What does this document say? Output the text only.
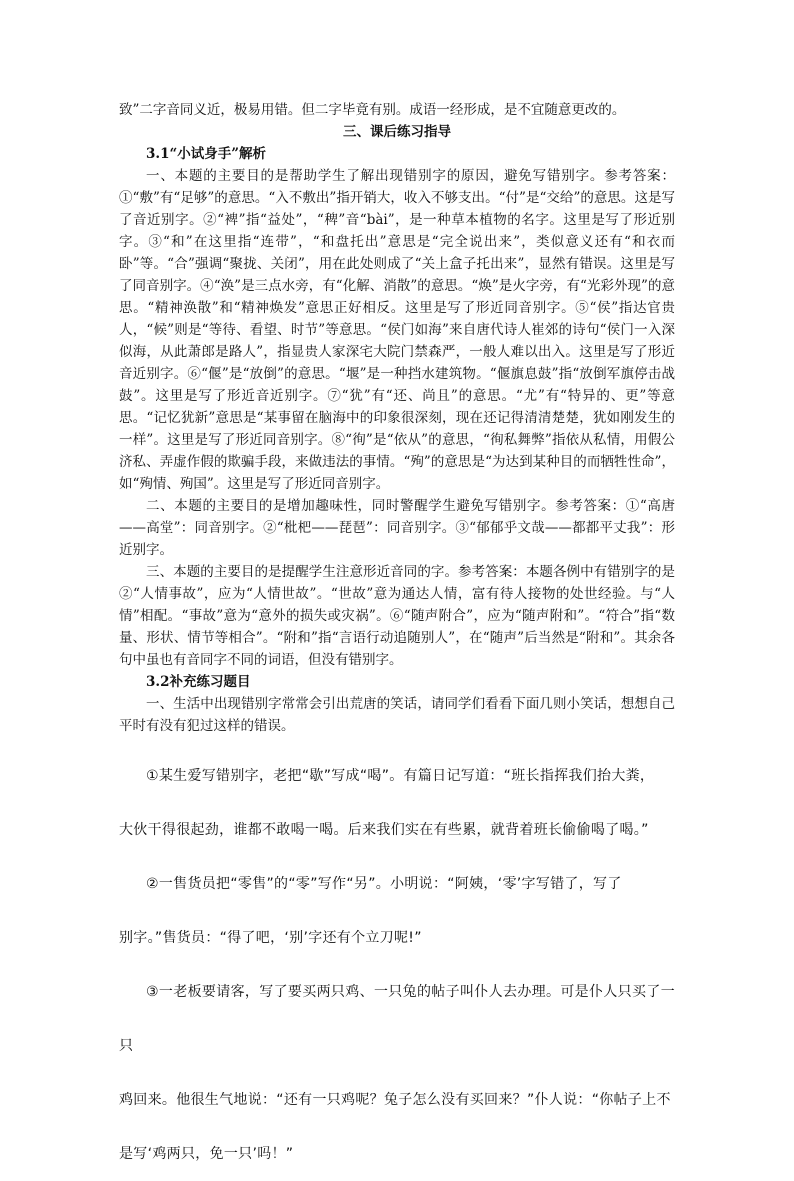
致”二字音同义近，极易用错。但二字毕竟有别。成语一经形成，是不宜随意更改的。

三、课后练习指导

3.1“小试身手”解析

一、本题的主要目的是帮助学生了解出现错别字的原因，避免写错别字。参考答案：①“敷”有“足够”的意思。“入不敷出”指开销大，收入不够支出。“付”是“交给”的意思。这是写了音近别字。②“裨”指“益处”，“稗”音“bài”，是一种草本植物的名字。这里是写了形近别字。③“和”在这里指“连带”，“和盘托出”意思是“完全说出来”，类似意义还有“和衣而卧”等。“合”强调“聚拢、关闭”，用在此处则成了“关上盒子托出来”，显然有错误。这里是写了同音别字。④“涣”是三点水旁，有“化解、消散”的意思。“焕”是火字旁，有“光彩外现”的意思。“精神涣散”和“精神焕发”意思正好相反。这里是写了形近同音别字。⑤“侯”指达官贵人，“候”则是“等待、看望、时节”等意思。“侯门如海”来自唐代诗人崔郊的诗句“侯门一入深似海，从此萧郎是路人”，指显贵人家深宅大院门禁森严，一般人难以出入。这里是写了形近音近别字。⑥“偃”是“放倒”的意思。“堰”是一种挡水建筑物。“偃旗息鼓”指“放倒军旗停击战鼓”。这里是写了形近音近别字。⑦“犹”有“还、尚且”的意思。“尤”有“特异的、更”等意思。“记忆犹新”意思是“某事留在脑海中的印象很深刻，现在还记得清清楚楚，犹如刚发生的一样”。这里是写了形近同音别字。⑧“徇”是“依从”的意思，“徇私舞弊”指依从私情，用假公济私、弄虚作假的欺骗手段，来做违法的事情。“殉”的意思是“为达到某种目的而牺牲性命”，如“殉情、殉国”。这里是写了形近同音别字。

二、本题的主要目的是增加趣味性，同时警醒学生避免写错别字。参考答案：①“高唐——高堂”：同音别字。②“枇杷——琵琶”：同音别字。③“郁郁乎文哉——都都平丈我”：形近别字。

三、本题的主要目的是提醒学生注意形近音同的字。参考答案：本题各例中有错别字的是②“人情事故”，应为“人情世故”。“世故”意为通达人情，富有待人接物的处世经验。与“人情”相配。“事故”意为“意外的损失或灾祸”。⑥“随声附合”，应为“随声附和”。“符合”指“数量、形状、情节等相合”。“附和”指“言语行动追随别人”，在“随声”后当然是“附和”。其余各句中虽也有音同字不同的词语，但没有错别字。

3.2补充练习题目

一、生活中出现错别字常常会引出荒唐的笑话，请同学们看看下面几则小笑话，想想自己平时有没有犯过这样的错误。

①某生爱写错别字，老把“歇”写成“喝”。有篇日记写道：“班长指挥我们抬大粪，

大伙干得很起劲，谁都不敢喝一喝。后来我们实在有些累，就背着班长偷偷喝了喝。”

②一售货员把“零售”的“零”写作“另”。小明说：“阿姨，‘零’字写错了，写了

别字。”售货员：“得了吧，‘别’字还有个立刀呢!”

③一老板要请客，写了要买两只鸡、一只兔的帖子叫仆人去办理。可是仆人只买了一只

鸡回来。他很生气地说：“还有一只鸡呢？兔子怎么没有买回来？”仆人说：“你帖子上不

是写‘鸡两只，免一只’吗！”
